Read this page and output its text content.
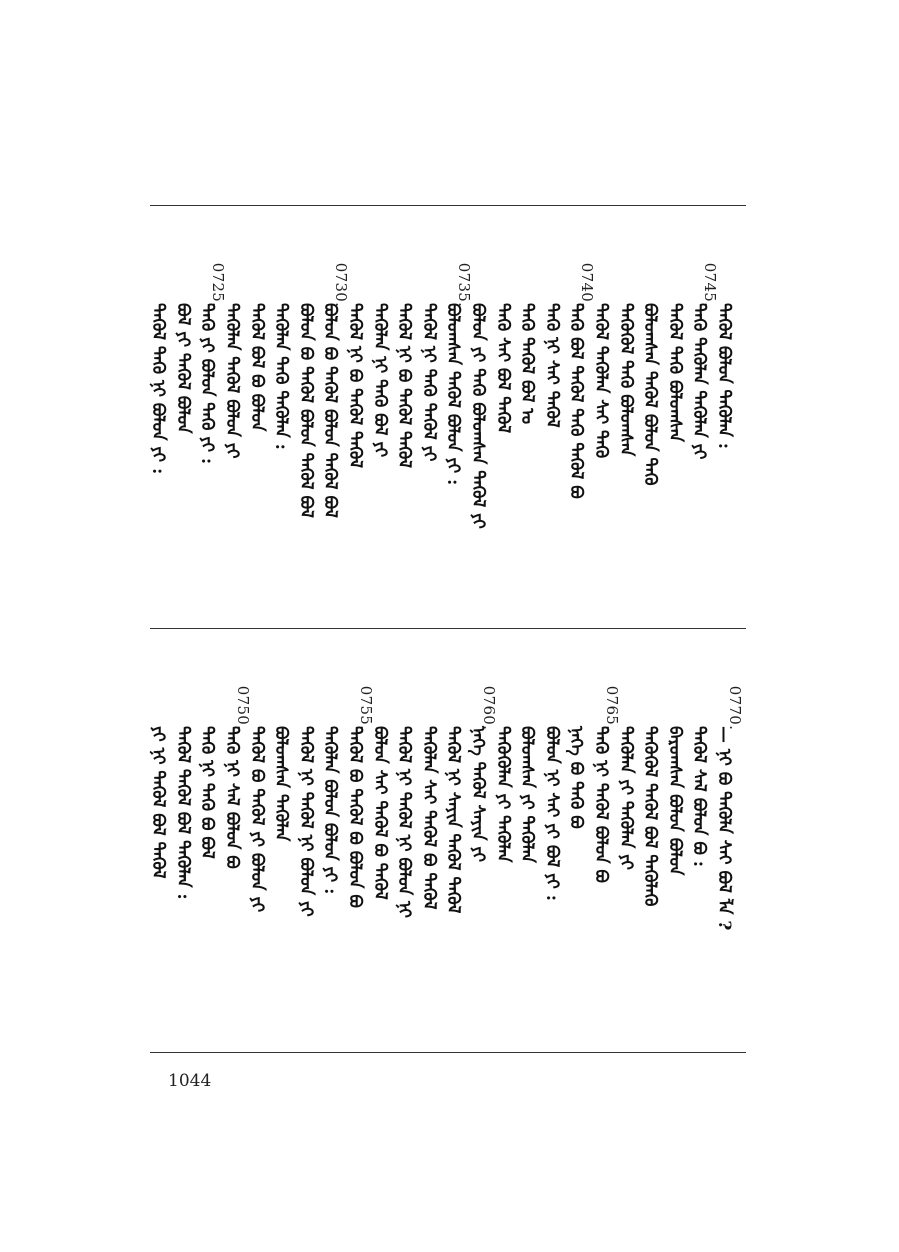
ᠲᠡᠭᠦᠯ ᠪᠣᠯᠤᠨ ᠲᠡᠭᠦᠯᠡᠨ :
0745.
ᠲᠡᠭᠦ ᠲᠡᠭᠦᠯᠡᠨ ᠲᠡᠭᠦᠯᠡᠨ ᠶᠢ
ᠲᠡᠭᠦᠯ ᠲᠡᠭᠦ ᠪᠣᠯᠤᠭᠰᠠᠨ
ᠪᠣᠯᠤᠭᠰᠠᠨ ᠲᠡᠭᠦᠯ ᠪᠣᠯᠤᠨ ᠲᠡᠭᠦ
ᠲᠡᠭᠦᠭᠦᠯ ᠲᠡᠭᠦ ᠪᠣᠯᠤᠭᠰᠠᠨ
ᠲᠡᠭᠦᠯ ᠲᠡᠭᠦᠯᠡᠨ ᠰᠠᠶ ᠲᠡᠭᠦ
0740.
ᠲᠡᠭᠦ ᠪᠣᠯ ᠲᠡᠭᠦᠯ ᠲᠡᠭᠦ ᠲᠡᠭᠦᠯ ᠪᠣ
ᠲᠡᠭᠦ ᠨᠢ ᠰᠠᠶ ᠲᠡᠭᠦᠯ
ᠲᠡᠭᠦ ᠲᠡᠭᠦᠯ ᠪᠣᠯ ᠣ
ᠲᠡᠭᠦ ᠰᠠᠶ ᠪᠣᠯ ᠲᠡᠭᠦᠯ
ᠪᠣᠯᠤᠨ ᠶᠢ ᠲᠡᠭᠦ ᠪᠣᠯᠤᠭᠰᠠᠨ ᠲᠡᠭᠦᠯ ᠶᠢ
0735.
ᠪᠣᠯᠤᠭᠰᠠᠨ ᠲᠡᠭᠦᠯ ᠪᠣᠯᠤᠨ ᠶᠢ :
ᠲᠡᠭᠦᠯ ᠨᠢ ᠲᠡᠭᠦ ᠲᠡᠭᠦᠯ ᠶᠢ
ᠲᠡᠭᠦᠯ ᠨᠢ ᠪᠣ ᠲᠡᠭᠦᠯ ᠲᠡᠭᠦᠯ
ᠲᠡᠭᠦᠯᠡᠨ ᠨᠢ ᠲᠡᠭᠦ ᠪᠣᠯ ᠶᠢ
ᠲᠡᠭᠦᠯ ᠨᠢ ᠪᠣ ᠲᠡᠭᠦᠯ ᠲᠡᠭᠦᠯ
0730.
ᠪᠣᠯᠤᠨ ᠪᠣ ᠲᠡᠭᠦᠯ ᠪᠣᠯᠤᠨ ᠲᠡᠭᠦᠯ ᠪᠣᠯ
ᠪᠣᠯᠤᠨ ᠪᠣ ᠲᠡᠭᠦᠯ ᠪᠣᠯᠤᠨ ᠲᠡᠭᠦᠯ ᠪᠣᠯ
ᠲᠡᠭᠦᠯᠡᠨ ᠲᠡᠭᠦ ᠲᠡᠭᠦᠯᠡᠨ :
ᠲᠡᠭᠦᠯ ᠪᠣᠯ ᠪᠣ ᠪᠣᠯᠤᠨ
ᠲᠡᠭᠦᠯᠡᠨ ᠲᠡᠭᠦᠯ ᠪᠣᠯᠤᠨ ᠶᠢ
0725.
ᠲᠡᠭᠦ ᠶᠢ ᠪᠣᠯᠤᠨ ᠲᠡᠭᠦ ᠶᠢ :
ᠪᠣᠯ ᠶᠢ ᠲᠡᠭᠦᠯ ᠪᠣᠯᠤᠨ
ᠲᠡᠭᠦᠯ ᠲᠡᠭᠦ ᠨᠢ ᠪᠣᠯᠤᠨ ᠶᠢ :
0770.
— ᠨᠢ ᠪᠣ ᠲᠡᠭᠦᠯᠡ ᠰᠠᠶ ᠪᠣᠯ ᠯᠡ ?
ᠲᠡᠭᠦᠯ ᠰᠡᠯ ᠪᠣᠯᠤᠨ ᠪᠣ :
ᠪᠠᠷᠤᠭᠰᠠᠨ ᠪᠣᠯᠤᠨ ᠪᠣᠯᠤᠨ
ᠲᠡᠭᠦᠭᠦᠯ ᠲᠡᠭᠦᠯ ᠪᠣᠯ ᠲᠡᠭᠦᠯᠡᠭᠦ
ᠲᠡᠭᠦᠯᠡᠨ ᠶᠢ ᠲᠡᠭᠦᠯᠡᠨ ᠶᠢ
0765.
ᠲᠡᠭᠦ ᠨᠢ ᠲᠡᠭᠦᠯ ᠪᠣᠯᠤᠨ ᠪᠣ
ᠨᠡᠭᠡ ᠪᠣ ᠲᠡᠭᠦ ᠪᠣ
ᠪᠣᠯᠤᠨ ᠨᠢ ᠰᠠᠶ ᠶᠢ ᠪᠣᠯ ᠶᠢ :
ᠪᠣᠯᠤᠭᠰᠠᠨ ᠶᠢ ᠲᠡᠭᠦᠯᠡᠨ
ᠲᠡᠭᠦᠭᠦᠯᠡᠨ ᠶᠢ ᠲᠡᠭᠦᠯᠡᠨ
0760.
ᠨᠡᠭᠡ ᠲᠡᠭᠦᠯ ᠰᠠᠶᠢᠨ ᠶᠢ
ᠲᠡᠭᠦᠯ ᠨᠢ ᠰᠠᠶᠢᠨ ᠲᠡᠭᠦᠯ ᠲᠡᠭᠦᠯ
ᠲᠡᠭᠦᠯᠡᠨ ᠰᠠᠶ ᠲᠡᠭᠦᠯ ᠪᠣ ᠲᠡᠭᠦᠯ
ᠲᠡᠭᠦᠯ ᠨᠢ ᠲᠡᠭᠦᠯ ᠨᠢ ᠪᠣᠯᠤᠨ ᠨᠢ
ᠪᠣᠯᠤᠨ ᠰᠠᠶ ᠲᠡᠭᠦᠯ ᠪᠣ ᠲᠡᠭᠦᠯ
0755.
ᠲᠡᠭᠦᠯ ᠪᠣ ᠲᠡᠭᠦᠯ ᠪᠣ ᠪᠣᠯᠤᠨ ᠪᠣ
ᠲᠡᠭᠦᠯᠡᠨ ᠪᠣᠯᠤᠨ ᠪᠣᠯᠤᠨ ᠶᠢ :
ᠲᠡᠭᠦᠯ ᠨᠢ ᠲᠡᠭᠦᠯ ᠨᠢ ᠪᠣᠯᠤᠨ ᠶᠢ
ᠪᠣᠯᠤᠭᠰᠠᠨ ᠲᠡᠭᠦᠯᠡᠨ
ᠲᠡᠭᠦᠯ ᠪᠣ ᠲᠡᠭᠦᠯ ᠶᠢ ᠪᠣᠯᠤᠨ ᠶᠢ
0750.
ᠲᠡᠭᠦ ᠨᠢ ᠰᠡᠯ ᠪᠣᠯᠤᠨ ᠪᠣ
ᠲᠡᠭᠦ ᠨᠢ ᠲᠡᠭᠦ ᠪᠣ ᠪᠣᠯ
ᠲᠡᠭᠦᠯ ᠲᠡᠭᠦᠯ ᠪᠣᠯ ᠲᠡᠭᠦᠯᠡᠨ :
ᠶᠢ ᠨᠢ ᠲᠡᠭᠦᠯ ᠪᠣᠯ ᠲᠡᠭᠦᠯ
1044
